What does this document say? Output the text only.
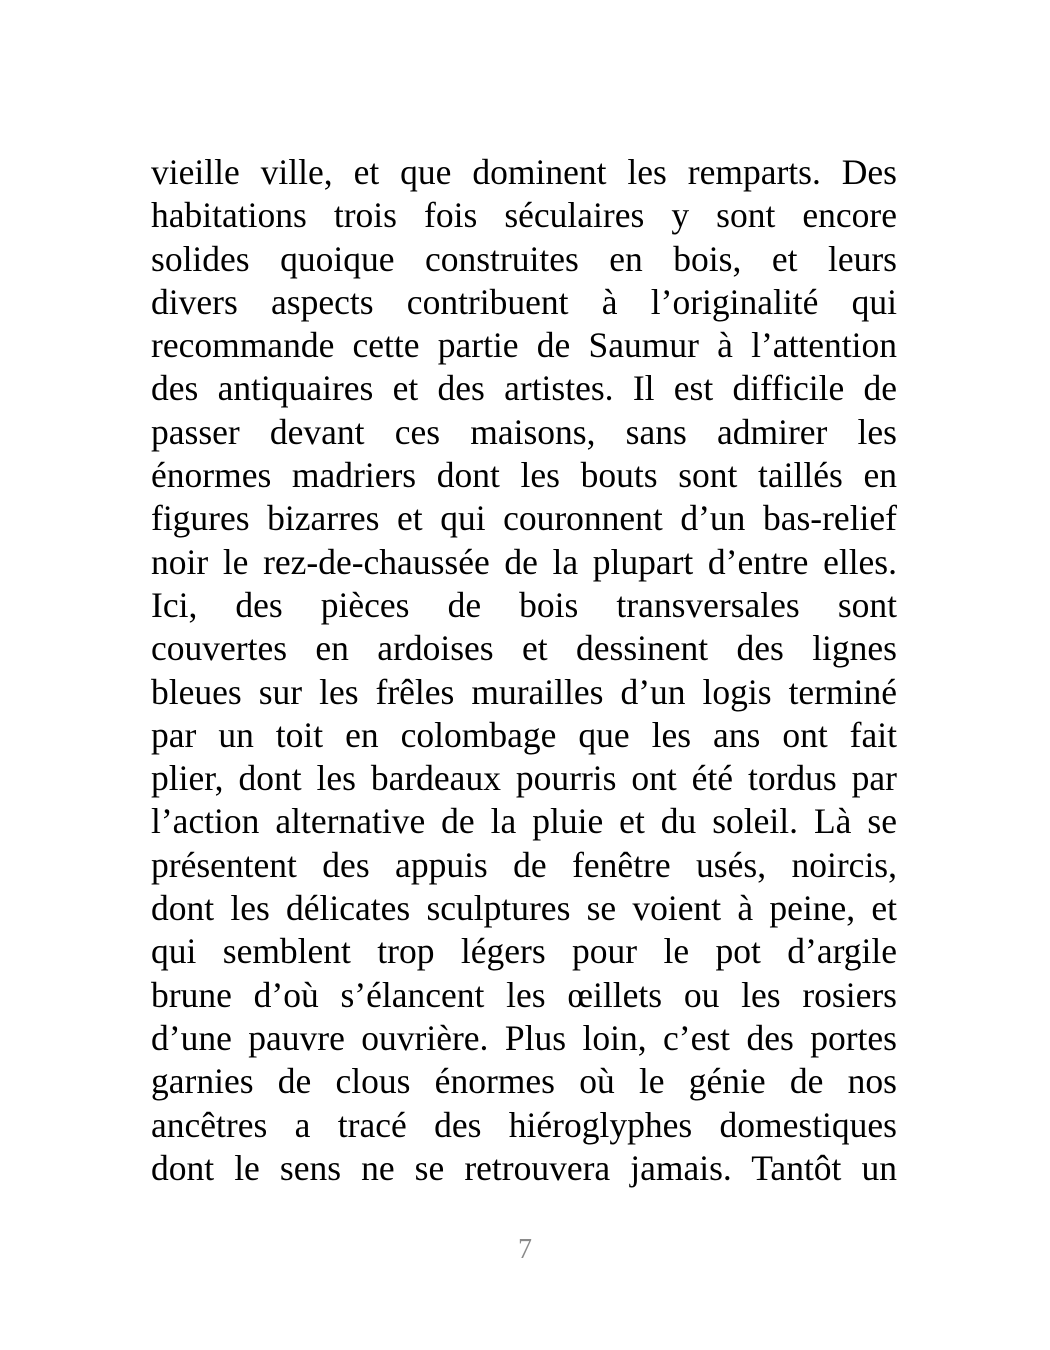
vieille ville, et que dominent les remparts. Des
habitations trois fois séculaires y sont encore
solides quoique construites en bois, et leurs
divers aspects contribuent à l’originalité qui
recommande cette partie de Saumur à l’attention
des antiquaires et des artistes. Il est difficile de
passer devant ces maisons, sans admirer les
énormes madriers dont les bouts sont taillés en
figures bizarres et qui couronnent d’un bas-relief
noir le rez-de-chaussée de la plupart d’entre elles.
Ici, des pièces de bois transversales sont
couvertes en ardoises et dessinent des lignes
bleues sur les frêles murailles d’un logis terminé
par un toit en colombage que les ans ont fait
plier, dont les bardeaux pourris ont été tordus par
l’action alternative de la pluie et du soleil. Là se
présentent des appuis de fenêtre usés, noircis,
dont les délicates sculptures se voient à peine, et
qui semblent trop légers pour le pot d’argile
brune d’où s’élancent les œillets ou les rosiers
d’une pauvre ouvrière. Plus loin, c’est des portes
garnies de clous énormes où le génie de nos
ancêtres a tracé des hiéroglyphes domestiques
dont le sens ne se retrouvera jamais. Tantôt un
7
